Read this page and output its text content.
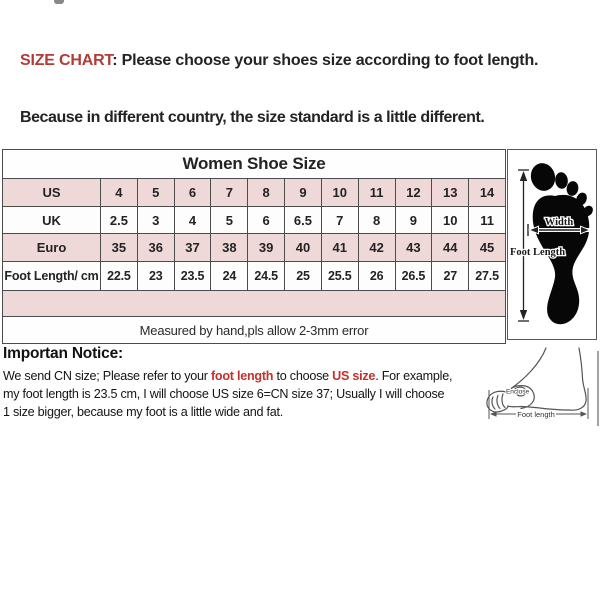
SIZE CHART: Please choose your shoes size according to foot length.
Because in different country, the size standard is a little different.
Women Shoe Size											
US	4	5	6	7	8	9	10	11	12	13	14
UK	2.5	3	4	5	6	6.5	7	8	9	10	11
Euro	35	36	37	38	39	40	41	42	43	44	45
Foot Length/ cm	22.5	23	23.5	24	24.5	25	25.5	26	26.5	27	27.5

Measured by hand,pls allow 2-3mm error											
Width
Foot Length
Importan Notice:
We send CN size; Please refer to your foot length to choose US size. For example,
my foot length is 23.5 cm, I will choose US size 6=CN size 37; Usually I will choose
1 size bigger, because my foot is a little wide and fat.
Enclose
Foot length
